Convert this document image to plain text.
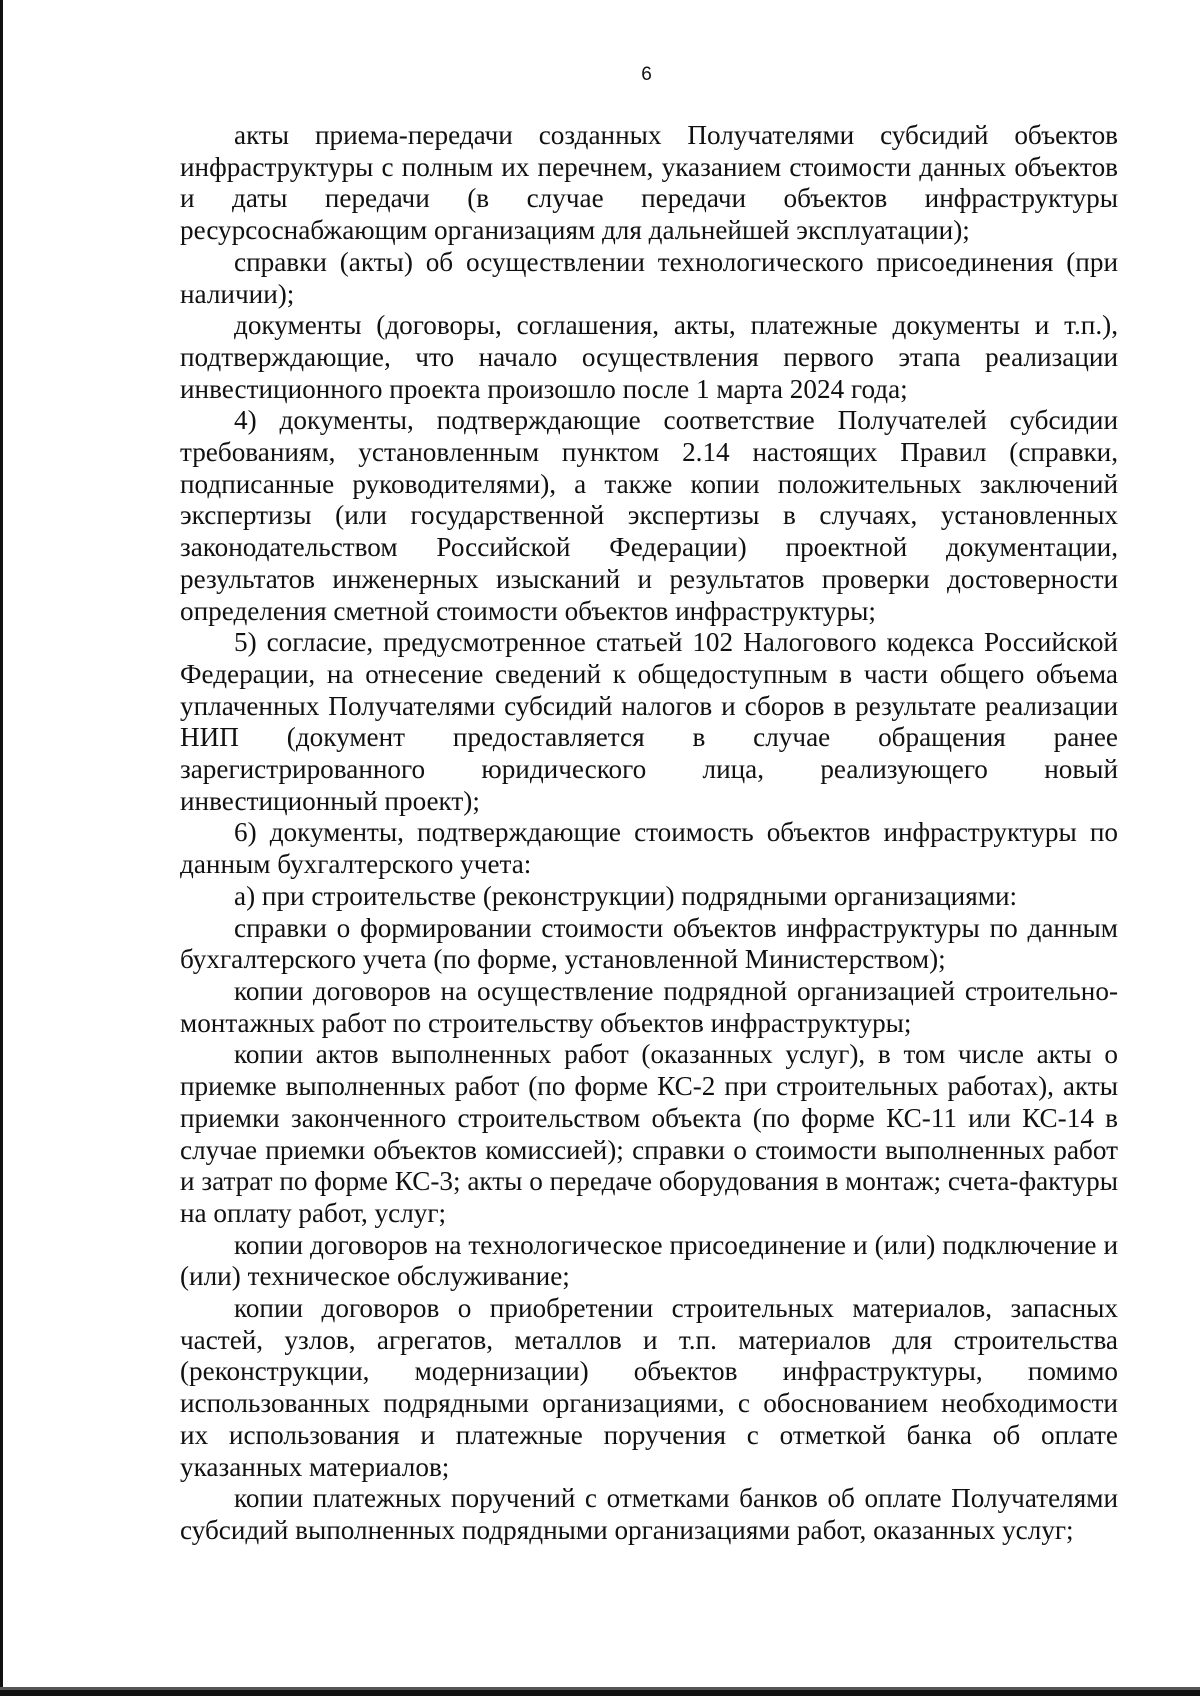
6

акты приема-передачи созданных Получателями субсидий объектов инфраструктуры с полным их перечнем, указанием стоимости данных объектов и даты передачи (в случае передачи объектов инфраструктуры ресурсоснабжающим организациям для дальнейшей эксплуатации);

справки (акты) об осуществлении технологического присоединения (при наличии);

документы (договоры, соглашения, акты, платежные документы и т.п.), подтверждающие, что начало осуществления первого этапа реализации инвестиционного проекта произошло после 1 марта 2024 года;

4) документы, подтверждающие соответствие Получателей субсидии требованиям, установленным пунктом 2.14 настоящих Правил (справки, подписанные руководителями), а также копии положительных заключений экспертизы (или государственной экспертизы в случаях, установленных законодательством Российской Федерации) проектной документации, результатов инженерных изысканий и результатов проверки достоверности определения сметной стоимости объектов инфраструктуры;

5) согласие, предусмотренное статьей 102 Налогового кодекса Российской Федерации, на отнесение сведений к общедоступным в части общего объема уплаченных Получателями субсидий налогов и сборов в результате реализации НИП (документ предоставляется в случае обращения ранее зарегистрированного юридического лица, реализующего новый инвестиционный проект);

6) документы, подтверждающие стоимость объектов инфраструктуры по данным бухгалтерского учета:

а) при строительстве (реконструкции) подрядными организациями:

справки о формировании стоимости объектов инфраструктуры по данным бухгалтерского учета (по форме, установленной Министерством);

копии договоров на осуществление подрядной организацией строительно-монтажных работ по строительству объектов инфраструктуры;

копии актов выполненных работ (оказанных услуг), в том числе акты о приемке выполненных работ (по форме КС-2 при строительных работах), акты приемки законченного строительством объекта (по форме КС-11 или КС-14 в случае приемки объектов комиссией); справки о стоимости выполненных работ и затрат по форме КС-3; акты о передаче оборудования в монтаж; счета-фактуры на оплату работ, услуг;

копии договоров на технологическое присоединение и (или) подключение и (или) техническое обслуживание;

копии договоров о приобретении строительных материалов, запасных частей, узлов, агрегатов, металлов и т.п. материалов для строительства (реконструкции, модернизации) объектов инфраструктуры, помимо использованных подрядными организациями, с обоснованием необходимости их использования и платежные поручения с отметкой банка об оплате указанных материалов;

копии платежных поручений с отметками банков об оплате Получателями субсидий выполненных подрядными организациями работ, оказанных услуг;
